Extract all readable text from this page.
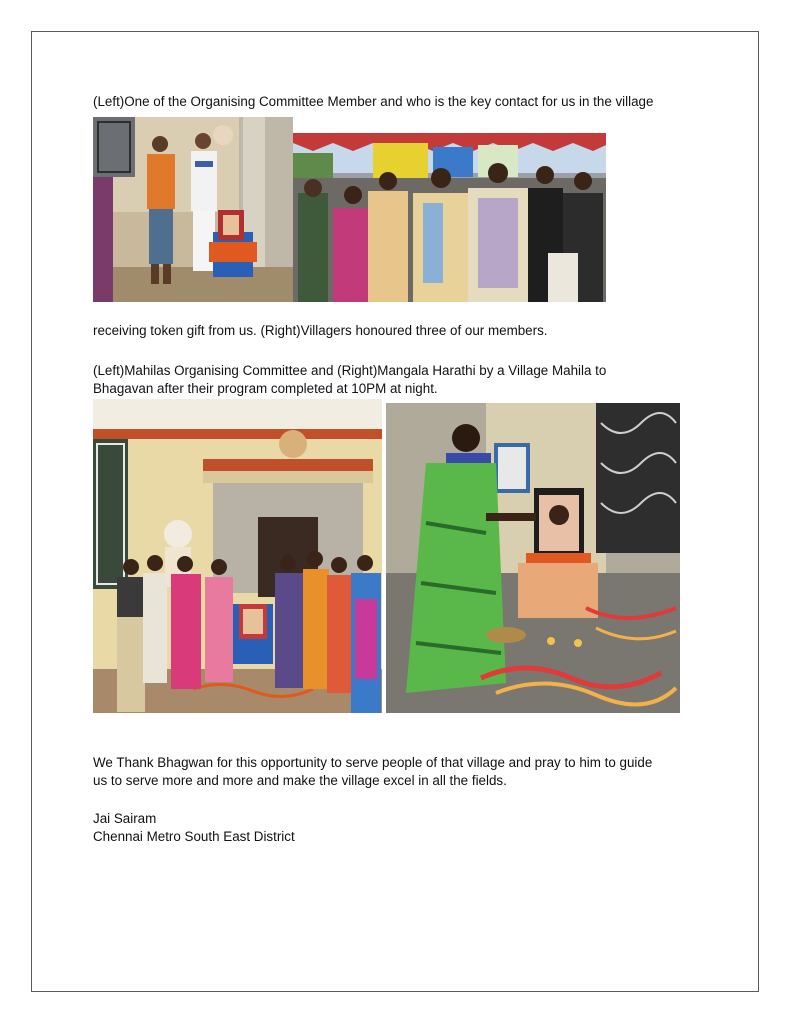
(Left)One of the Organising Committee Member and who is the key contact for us in the village
receiving token gift from us. (Right)Villagers honoured three of our members.
(Left)Mahilas Organising Committee and (Right)Mangala Harathi by a Village Mahila to
Bhagavan after their program completed at 10PM at night.
We Thank Bhagwan for this opportunity to serve people of that village and pray to him to guide
us to serve more and more and make the village excel in all the fields.
Jai Sairam
Chennai Metro South East District
